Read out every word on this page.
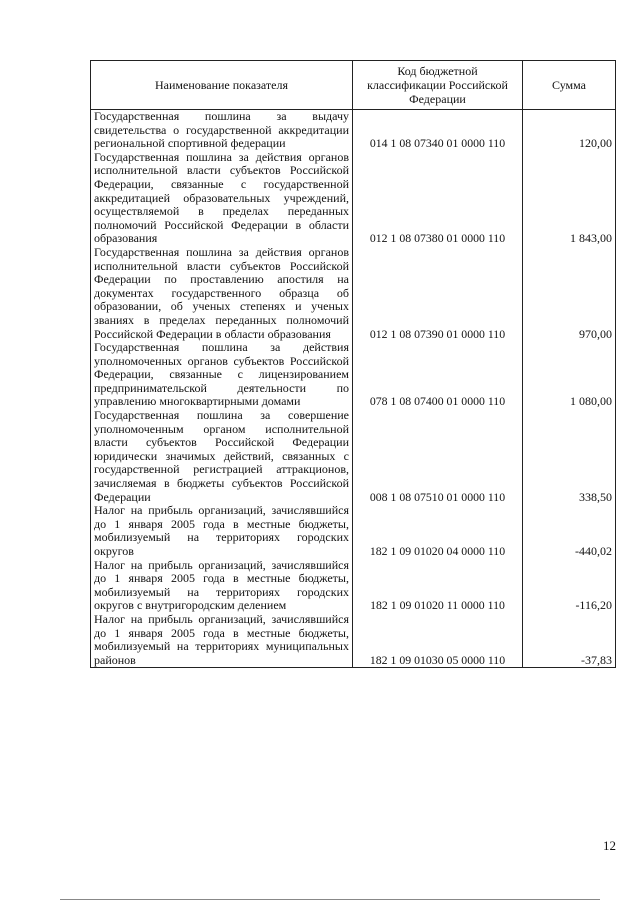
Наименование показателя	Код бюджетной классификации Российской Федерации	Сумма
Государственная пошлина за выдачу свидетельства о государственной аккредитации региональной спортивной федерации	014 1 08 07340 01 0000 110	120,00
Государственная пошлина за действия органов исполнительной власти субъектов Российской Федерации, связанные с государственной аккредитацией образовательных учреждений, осуществляемой в пределах переданных полномочий Российской Федерации в области образования	012 1 08 07380 01 0000 110	1 843,00
Государственная пошлина за действия органов исполнительной власти субъектов Российской Федерации по проставлению апостиля на документах государственного образца об образовании, об ученых степенях и ученых званиях в пределах переданных полномочий Российской Федерации в области образования	012 1 08 07390 01 0000 110	970,00
Государственная пошлина за действия уполномоченных органов субъектов Российской Федерации, связанные с лицензированием предпринимательской деятельности по управлению многоквартирными домами	078 1 08 07400 01 0000 110	1 080,00
Государственная пошлина за совершение уполномоченным органом исполнительной власти субъектов Российской Федерации юридически значимых действий, связанных с государственной регистрацией аттракционов, зачисляемая в бюджеты субъектов Российской Федерации	008 1 08 07510 01 0000 110	338,50
Налог на прибыль организаций, зачислявшийся до 1 января 2005 года в местные бюджеты, мобилизуемый на территориях городских округов	182 1 09 01020 04 0000 110	-440,02
Налог на прибыль организаций, зачислявшийся до 1 января 2005 года в местные бюджеты, мобилизуемый на территориях городских округов с внутригородским делением	182 1 09 01020 11 0000 110	-116,20
Налог на прибыль организаций, зачислявшийся до 1 января 2005 года в местные бюджеты, мобилизуемый на территориях муниципальных районов	182 1 09 01030 05 0000 110	-37,83
12
